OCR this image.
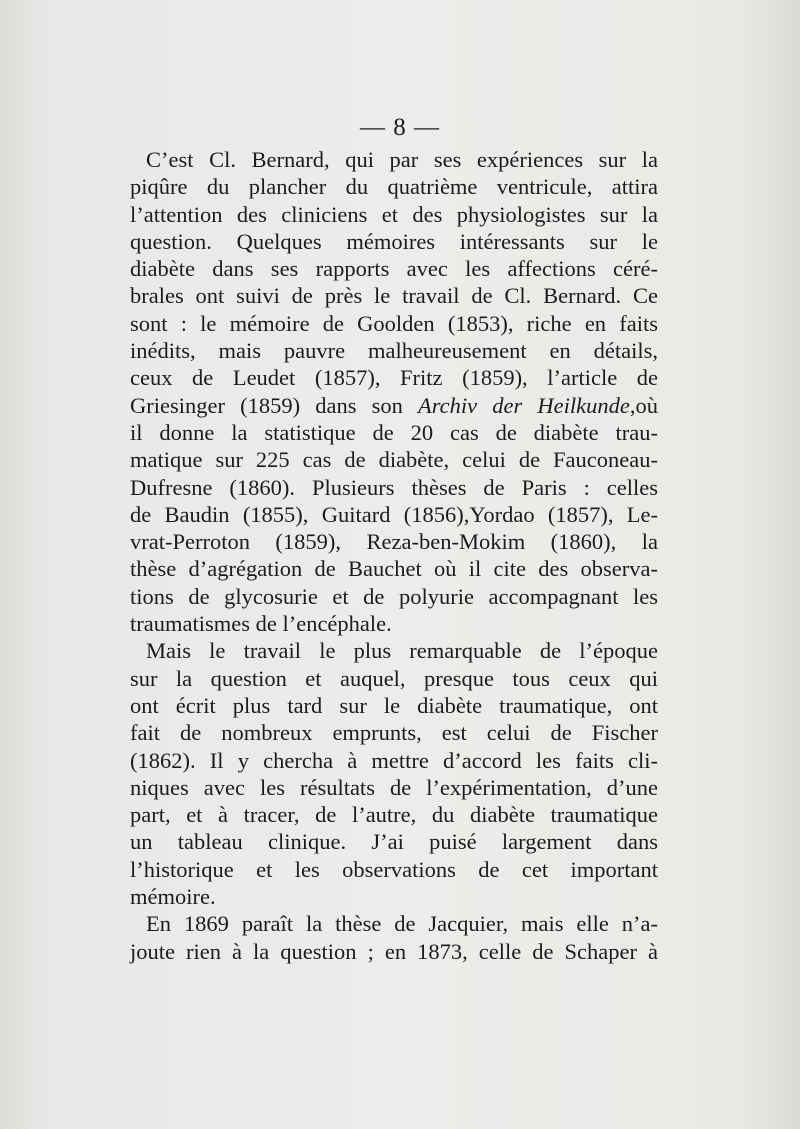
— 8 —
C’est Cl. Bernard, qui par ses expériences sur la
piqûre du plancher du quatrième ventricule, attira
l’attention des cliniciens et des physiologistes sur la
question. Quelques mémoires intéressants sur le
diabète dans ses rapports avec les affections céré-
brales ont suivi de près le travail de Cl. Bernard. Ce
sont : le mémoire de Goolden (1853), riche en faits
inédits, mais pauvre malheureusement en détails,
ceux de Leudet (1857), Fritz (1859), l’article de
Griesinger (1859) dans son Archiv der Heilkunde,où
il donne la statistique de 20 cas de diabète trau-
matique sur 225 cas de diabète, celui de Fauconeau-
Dufresne (1860). Plusieurs thèses de Paris : celles
de Baudin (1855), Guitard (1856),Yordao (1857), Le-
vrat-Perroton (1859), Reza-ben-Mokim (1860), la
thèse d’agrégation de Bauchet où il cite des observa-
tions de glycosurie et de polyurie accompagnant les
traumatismes de l’encéphale.
Mais le travail le plus remarquable de l’époque
sur la question et auquel, presque tous ceux qui
ont écrit plus tard sur le diabète traumatique, ont
fait de nombreux emprunts, est celui de Fischer
(1862). Il y chercha à mettre d’accord les faits cli-
niques avec les résultats de l’expérimentation, d’une
part, et à tracer, de l’autre, du diabète traumatique
un tableau clinique. J’ai puisé largement dans
l’historique et les observations de cet important
mémoire.
En 1869 paraît la thèse de Jacquier, mais elle n’a-
joute rien à la question ; en 1873, celle de Schaper à
